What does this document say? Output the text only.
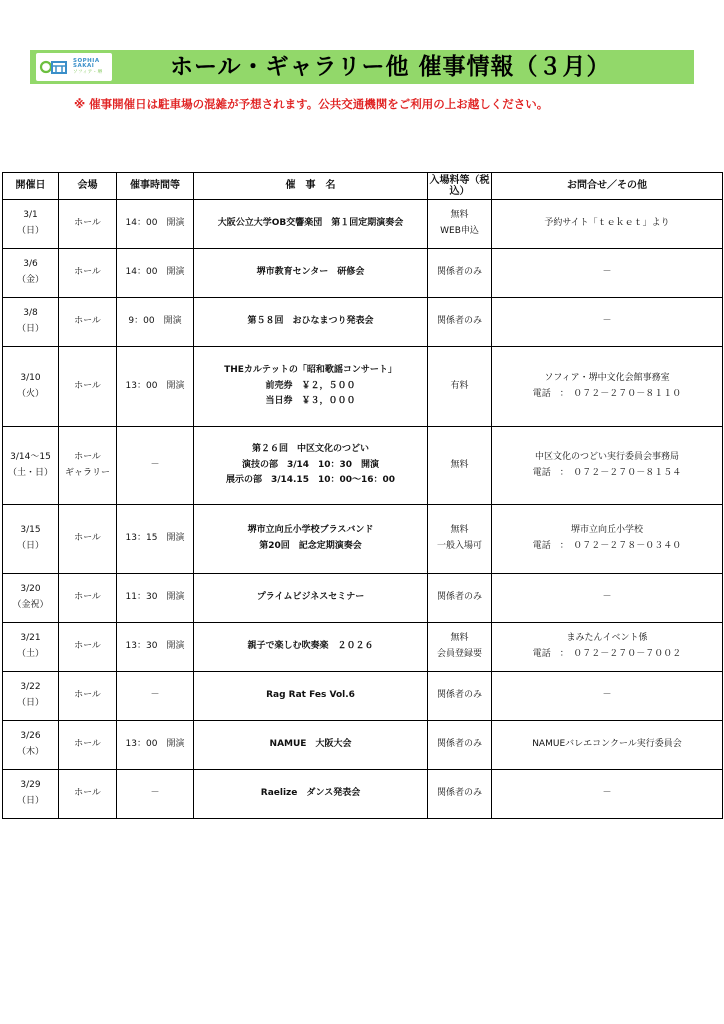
SOPHIA
SAKAI
ソフィア・堺	ホール・ギャラリー他 催事情報（３月）
※ 催事開催日は駐車場の混雑が予想されます。公共交通機関をご利用の上お越しください。
開催日	会場	催事時間等	催　事　名	入場料等（税込）	お問合せ／その他

3/1
（日）	ホール	14：00　開演	大阪公立大学OB交響楽団　第１回定期演奏会	無料
WEB申込	予約サイト「ｔｅｋｅｔ」より

3/6
（金）	ホール	14：00　開演	堺市教育センター　研修会	関係者のみ	－

3/8
（日）	ホール	9：00　開演	第５８回　おひなまつり発表会	関係者のみ	－

3/10
（火）	ホール	13：00　開演	THEカルテットの「昭和歌謡コンサート」
前売券　￥２，５００
当日券　￥３，０００	有料	ソフィア・堺中文化会館事務室
電話　：　０７２－２７０－８１１０

3/14～15
（土・日）	ホール
ギャラリー	－	第２６回　中区文化のつどい
演技の部　3/14　10：30　開演
展示の部　3/14.15　10：00～16：00	無料	中区文化のつどい実行委員会事務局
電話　：　０７２－２７０－８１５４

3/15
（日）	ホール	13：15　開演	堺市立向丘小学校ブラスバンド
第20回　記念定期演奏会	無料
一般入場可	堺市立向丘小学校
電話　：　０７２－２７８－０３４０

3/20
（金祝）	ホール	11：30　開演	プライムビジネスセミナー	関係者のみ	－

3/21
（土）	ホール	13：30　開演	親子で楽しむ吹奏楽　２０２６	無料
会員登録要	まみたんイベント係
電話　：　０７２－２７０－７００２

3/22
（日）	ホール	－	Rag Rat Fes Vol.6	関係者のみ	－

3/26
（木）	ホール	13：00　開演	NAMUE　大阪大会	関係者のみ	NAMUEバレエコンクール実行委員会

3/29
（日）	ホール	－	Raelize　ダンス発表会	関係者のみ	－
